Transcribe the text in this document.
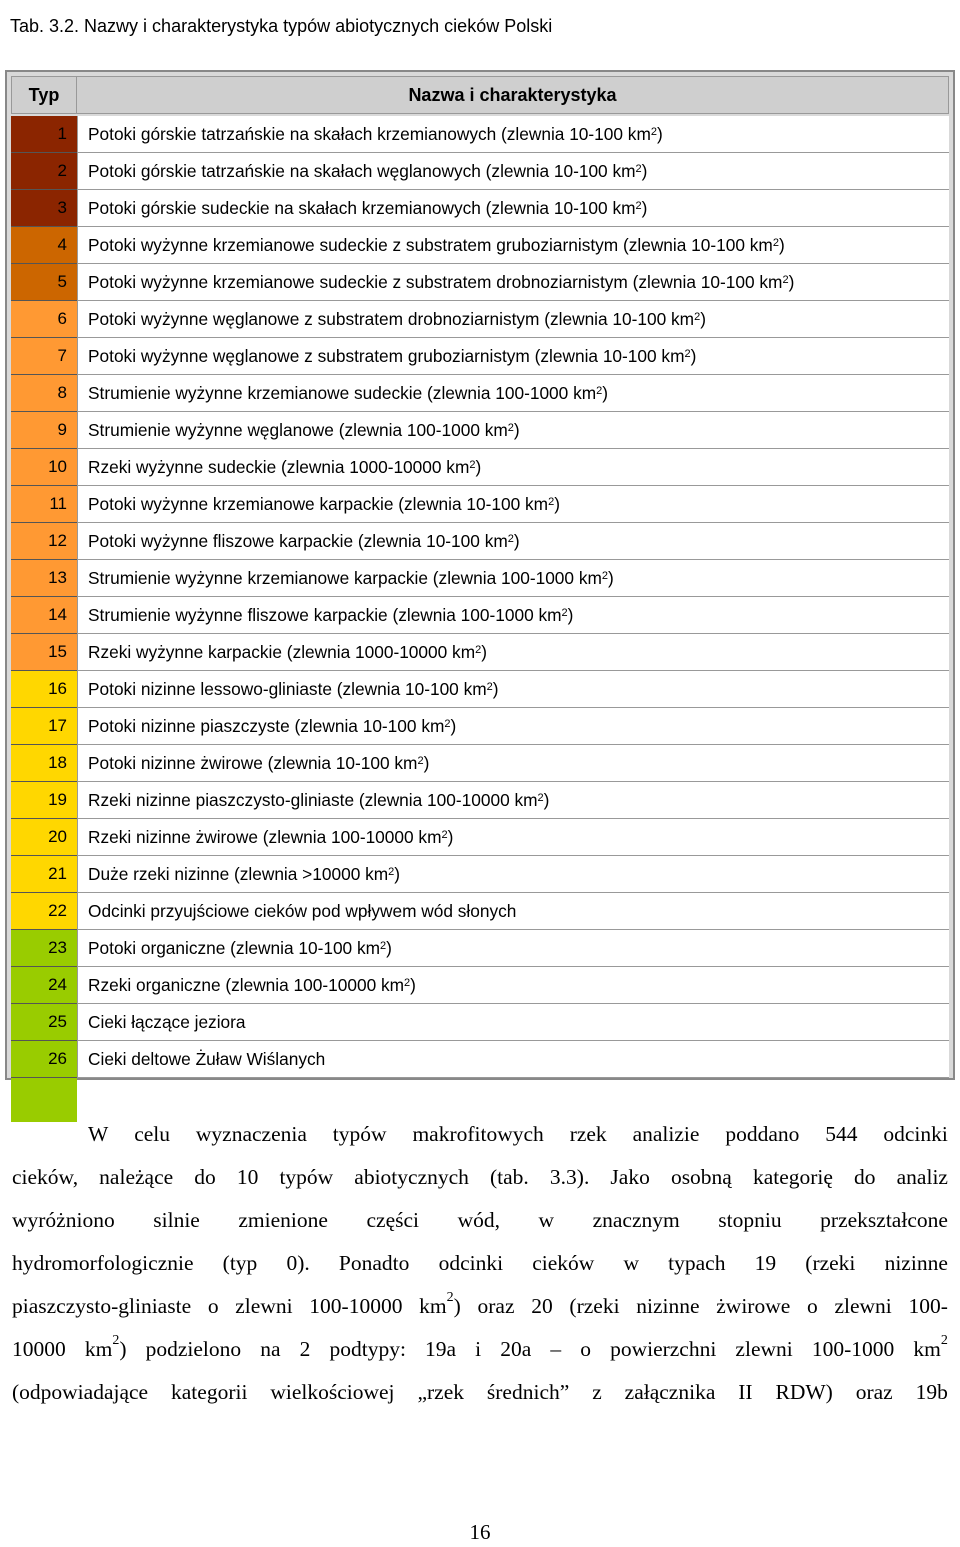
Tab. 3.2. Nazwy i charakterystyka typów abiotycznych cieków Polski
Typ	Nazwa i charakterystyka
1	Potoki górskie tatrzańskie na skałach krzemianowych (zlewnia 10-100 $km^2$ )
2	Potoki górskie tatrzańskie na skałach węglanowych (zlewnia 10-100 $km^2$ )
3	Potoki górskie sudeckie na skałach krzemianowych (zlewnia 10-100 $km^2$ )
4	Potoki wyżynne krzemianowe sudeckie z substratem gruboziarnistym (zlewnia 10-100 $km^2$ )
5	Potoki wyżynne krzemianowe sudeckie z substratem drobnoziarnistym (zlewnia 10-100 $km^2$ )
6	Potoki wyżynne węglanowe z substratem drobnoziarnistym (zlewnia 10-100 $km^2$ )
7	Potoki wyżynne węglanowe z substratem gruboziarnistym (zlewnia 10-100 $km^2$ )
8	Strumienie wyżynne krzemianowe sudeckie (zlewnia 100-1000 $km^2$ )
9	Strumienie wyżynne węglanowe (zlewnia 100-1000 $km^2$ )
10	Rzeki wyżynne sudeckie (zlewnia 1000-10000 $km^2$ )
11	Potoki wyżynne krzemianowe karpackie (zlewnia 10-100 $km^2$ )
12	Potoki wyżynne fliszowe karpackie (zlewnia 10-100 $km^2$ )
13	Strumienie wyżynne krzemianowe karpackie (zlewnia 100-1000 $km^2$ )
14	Strumienie wyżynne fliszowe karpackie (zlewnia 100-1000 $km^2$ )
15	Rzeki wyżynne karpackie (zlewnia 1000-10000 $km^2$ )
16	Potoki nizinne lessowo-gliniaste (zlewnia 10-100 $km^2$ )
17	Potoki nizinne piaszczyste (zlewnia 10-100 $km^2$ )
18	Potoki nizinne żwirowe (zlewnia 10-100 $km^2$ )
19	Rzeki nizinne piaszczysto-gliniaste (zlewnia 100-10000 $km^2$ )
20	Rzeki nizinne żwirowe (zlewnia 100-10000 $km^2$ )
21	Duże rzeki nizinne (zlewnia >10000 $km^2$ )
22	Odcinki przyujściowe cieków pod wpływem wód słonych
23	Potoki organiczne (zlewnia 10-100 $km^2$ )
24	Rzeki organiczne (zlewnia 100-10000 $km^2$ )
25	Cieki łączące jeziora
26	Cieki deltowe Żuław Wiślanych
W celu wyznaczenia typów makrofitowych rzek analizie poddano 544 odcinki
cieków, należące do 10 typów abiotycznych (tab. 3.3). Jako osobną kategorię do analiz
wyróżniono silnie zmienione części wód, w znacznym stopniu przekształcone
hydromorfologicznie (typ 0). Ponadto odcinki cieków w typach 19 (rzeki nizinne
piaszczysto-gliniaste o zlewni 100-10000 $km^2$) oraz 20 (rzeki nizinne żwirowe o zlewni 100-
10000 $km^2$) podzielono na 2 podtypy: 19a i 20a – o powierzchni zlewni 100-1000 $km^2$
(odpowiadające kategorii wielkościowej „rzek średnich” z załącznika II RDW) oraz 19b
16
